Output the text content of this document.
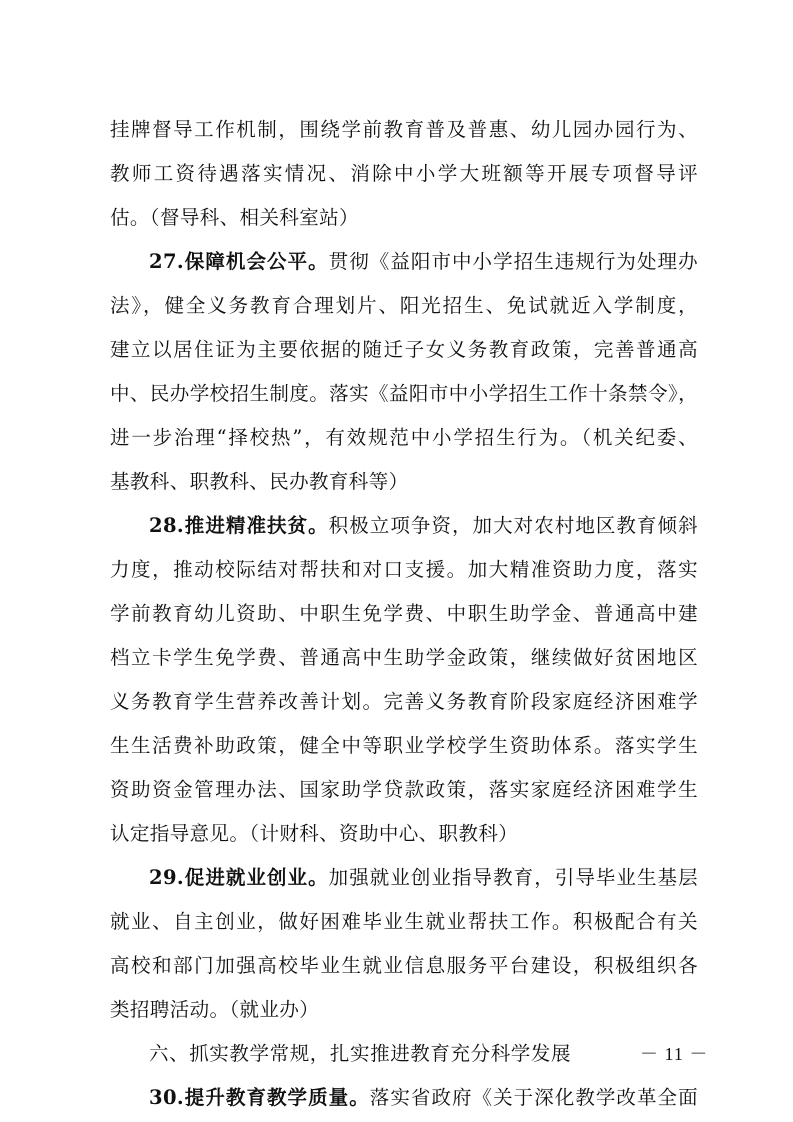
挂牌督导工作机制，围绕学前教育普及普惠、幼儿园办园行为、
教师工资待遇落实情况、消除中小学大班额等开展专项督导评
估。（督导科、相关科室站）
27.保障机会公平。贯彻《益阳市中小学招生违规行为处理办
法》，健全义务教育合理划片、阳光招生、免试就近入学制度，
建立以居住证为主要依据的随迁子女义务教育政策，完善普通高
中、民办学校招生制度。落实《益阳市中小学招生工作十条禁令》，
进一步治理“择校热”，有效规范中小学招生行为。（机关纪委、
基教科、职教科、民办教育科等）
28.推进精准扶贫。积极立项争资，加大对农村地区教育倾斜
力度，推动校际结对帮扶和对口支援。加大精准资助力度，落实
学前教育幼儿资助、中职生免学费、中职生助学金、普通高中建
档立卡学生免学费、普通高中生助学金政策，继续做好贫困地区
义务教育学生营养改善计划。完善义务教育阶段家庭经济困难学
生生活费补助政策，健全中等职业学校学生资助体系。落实学生
资助资金管理办法、国家助学贷款政策，落实家庭经济困难学生
认定指导意见。（计财科、资助中心、职教科）
29.促进就业创业。加强就业创业指导教育，引导毕业生基层
就业、自主创业，做好困难毕业生就业帮扶工作。积极配合有关
高校和部门加强高校毕业生就业信息服务平台建设，积极组织各
类招聘活动。（就业办）
六、抓实教学常规，扎实推进教育充分科学发展
30.提升教育教学质量。落实省政府《关于深化教学改革全面
－ 11 －
